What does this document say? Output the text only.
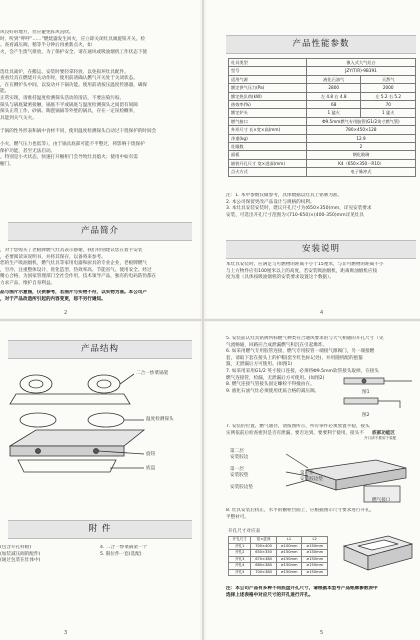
风良好的地方，但应避免阵风直吹。
时，听到“呼呼”……”燃烧器发生回火，应立即关闭灶具阀旋钮开关。检
。查看减压阀，稍等半分钟后再重新点火，如
火，会产生废气排放，为了保护安全，请在通风或吸油烟机工作状态下使
选灶具离炉，在搬运、安装时要轻拿轻放，以免损坏灶具配件。
查看灶具在燃烧开关动作时，使用前请确认燃气开关处于关闭状态。
，在在侧炉头中间，以发动并下锅功能。使用前请按压温度传感器，确保
能。
正常实现，请推持温度检测探头活动的清洁，不要沾染污垢。
探头与锅底紧密接触，锅底不平或锅底与温度检测探头之间留有间隙
探头正常工作，砂锅、陶瓷锅锅等外壁的锅具，存在一定误检概率，
具能到关气关火。
于锅的性外形表和锅中食材不同，使用温度检测探头自动过干烧保护的时间会
小火，燃气压力也低等），由于锅具底部可能不平整过，将影响干烧保护
保护功能，甚至无法启动。
。特别是小火状态，快速打开橱柜门会导致灶具熄火；使用中如有需
橱门。
产品简介
，对于您购买了老板牌燃气灶具表示感谢，我们特别建议您在着手安装
，必要阅读该说明书，并将其保存，以备将来参考。
您的生产吸油烟机，燃气灶具等家用电器和厨具的专业企业，老板牌燃气
，空冷、注重整体设计、优化造型、热效率高、节能省气、使用安全、经过
精心合格，为国家管理部门全社会作用，技术领导产品，独有的电码防伪都在
力求产品，维护自身利益。
品与图片示意图，仅供参考，若图片与实物不符，以实物为准。本公司产
，对于产品改造所引起的内容变更，恕不另行通知。
2
产品性能参数
灶具类型	嵌入式大气灶台	
型号	JZY/T/R)-9B391	
适用气源	液化石油气	天然气
额定供气压力(Pa)	2800	2000
额定热负荷(kW)	左 4.8 右 4.8	左 5.2 右 5.2
热效率(%)	68	70
额定炉头	1 猛火	1 猛火
燃气接口	Φ9.5mm燃气专用胶管(G1/2英寸燃气管)	
外形尺寸 长×宽×高(mm)	780×450×128	
净重(kg)	12.9	
灶眼数	2	
面板	钢化玻璃	
嵌装开孔尺寸 宽×进深(mm)	K4（650×350－R10）	
点火方式	电子脉冲式	
注：1. 本中参数仅做参考，具体数据以灶具上铭牌为准。
2. 本公司保留更改产品设计与规格的权利。
3. 本灶具安装安装时，建议开孔尺寸为(650×350)mm，详见安装要求
安装，可选出开孔尺寸范围为:(710-650)×(400-350)mm详见灶具
安装说明
本灶具安装时，应满足与可燃物的距离不小于15厘米，与非可燃物的距离不小
与上方物件应有100厘米以上的高度，若安装吸油烟机，距离吸油烟机应按
度为准（具体按吸油烟机的安装要求设置这个数据）。
4
产品结构
二合一炒菜锅架
温度检测探头
旋钮
底盘
附 件
(包含开孔样板)
(加装减压阀的配件)
(通过包装在灶体中)
4. 二合一炒菜锅架一个
5. 限位件一套(选配)
3
5. 安装前认灶具铭牌所标燃气种类符合通风要求的与大气相通的开孔尺寸（见
气流畅通，回路应合成泄漏燃气积沉在引起爆炸。
6. 如采用燃气专用胶管连接，燃气专用胶管一端接气源阀门，另一端接燃
套，请取下套在接头上的护帽(套至红色标记处)，并用随机配的抱箍
箍，无泄漏后方可使用。(如图1)
7. 如采用采用G1/2 英寸接口连接，必须将Φ9.5mm软管接头取掉，在接头
燃气连接管，检漏，无泄漏后方可使用。(如图2)
8. 燃气连接气管接头固定螺栓不得撞由在。
9. 液化石油气灶必须使用优质合格的减压阀。	图1
图2
7. 安装的位置、燃气通径，请按图所示，所有零件必须放置平稳，接头
实例依前后检查密封是否有泄漏、要否达到、要要利于使用、接头不
第二层
安装胶边
第一层
安装胶垫
安装胶边垫
第一步
安装胶边垫
底部功能区
开口请不要用于装配
燃气接口
8. 灶具安装后找正，水平的橱柜台面上，应根据图示尺寸要求进行开孔，
平整衬可。
开孔尺寸对应表
开孔尺寸	宽×进深	L1	L2
开孔1	700×400	≥100mm	≥150mm
开孔2	650×350	≥150mm	≥150mm
开孔3	670×380	≥150mm	≥150mm
开孔4	680×380	≥150mm	≥150mm
开孔5	700×380	≥150mm	≥150mm
注：本公司产品有多种不同底盘开孔尺寸，请根据本型号产品铭牌参数表中
选择上述表格中对应尺寸的开孔进行开孔。
5
